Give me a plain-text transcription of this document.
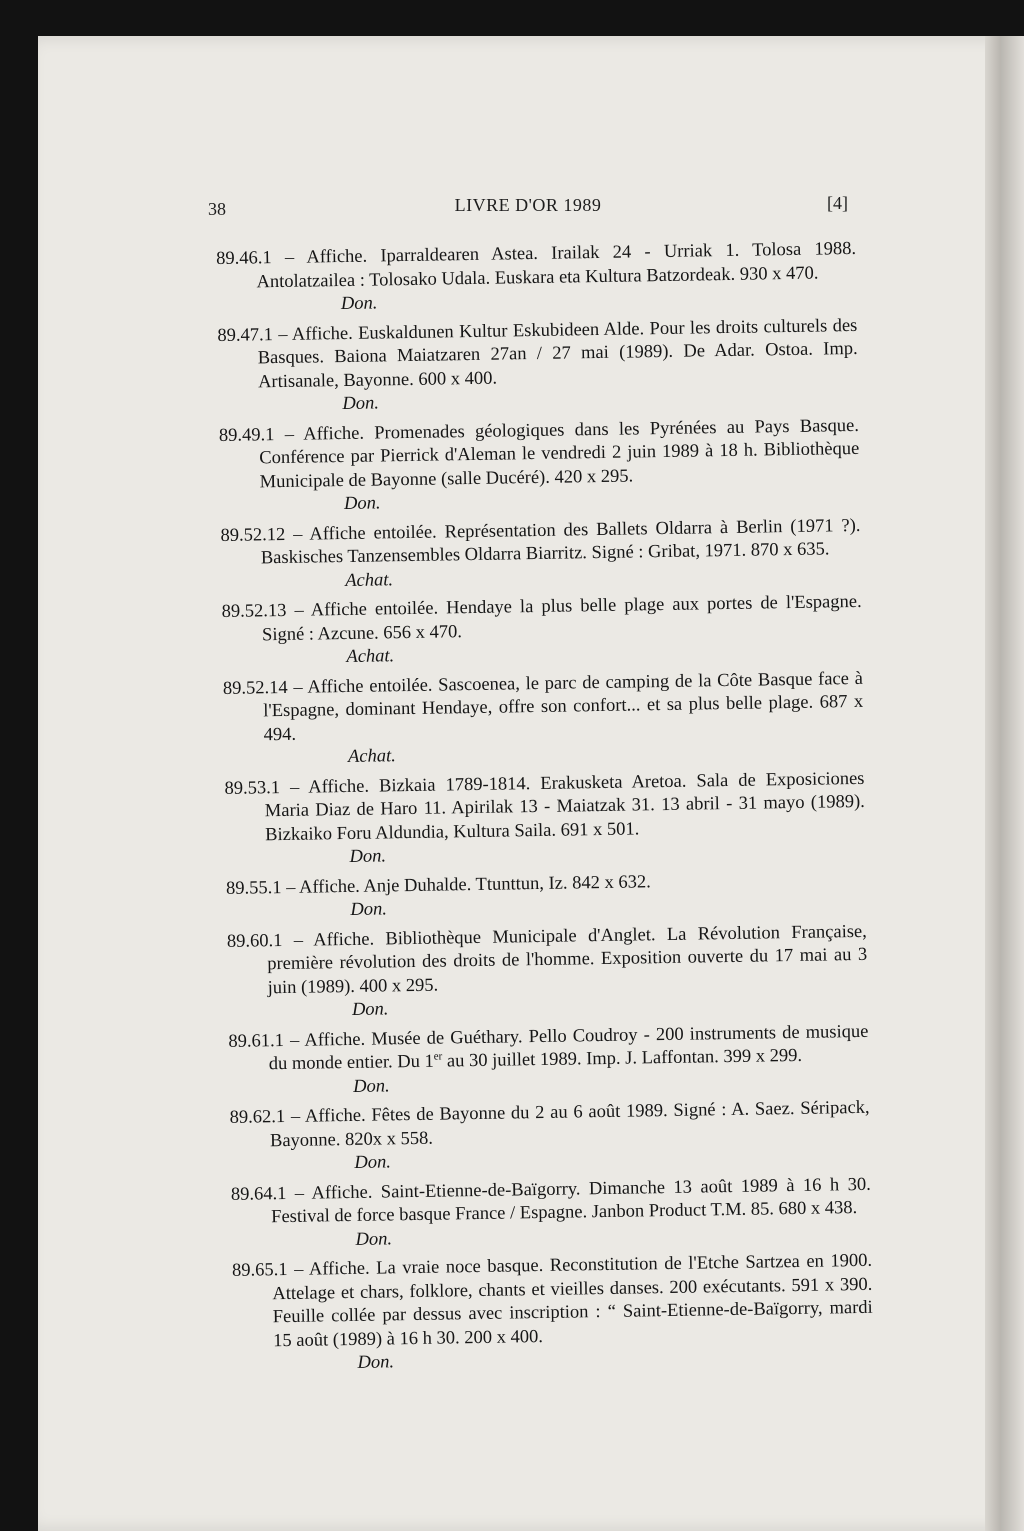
38	LIVRE D'OR 1989	[4]
89.46.1 – Affiche. Iparraldearen Astea. Irailak 24 - Urriak 1. Tolosa 1988. Antolatzailea : Tolosako Udala. Euskara eta Kultura Batzordeak. 930 x 470.
Don.
89.47.1 – Affiche. Euskaldunen Kultur Eskubideen Alde. Pour les droits culturels des Basques. Baiona Maiatzaren 27an / 27 mai (1989). De Adar. Ostoa. Imp. Artisanale, Bayonne. 600 x 400.
Don.
89.49.1 – Affiche. Promenades géologiques dans les Pyrénées au Pays Basque. Conférence par Pierrick d'Aleman le vendredi 2 juin 1989 à 18 h. Bibliothèque Municipale de Bayonne (salle Ducéré). 420 x 295.
Don.
89.52.12 – Affiche entoilée. Représentation des Ballets Oldarra à Berlin (1971 ?). Baskisches Tanzensembles Oldarra Biarritz. Signé : Gribat, 1971. 870 x 635.
Achat.
89.52.13 – Affiche entoilée. Hendaye la plus belle plage aux portes de l'Espagne. Signé : Azcune. 656 x 470.
Achat.
89.52.14 – Affiche entoilée. Sascoenea, le parc de camping de la Côte Basque face à l'Espagne, dominant Hendaye, offre son confort... et sa plus belle plage. 687 x 494.
Achat.
89.53.1 – Affiche. Bizkaia 1789-1814. Erakusketa Aretoa. Sala de Exposiciones Maria Diaz de Haro 11. Apirilak 13 - Maiatzak 31. 13 abril - 31 mayo (1989). Bizkaiko Foru Aldundia, Kultura Saila. 691 x 501.
Don.
89.55.1 – Affiche. Anje Duhalde. Ttunttun, Iz. 842 x 632.
Don.
89.60.1 – Affiche. Bibliothèque Municipale d'Anglet. La Révolution Française, première révolution des droits de l'homme. Exposition ouverte du 17 mai au 3 juin (1989). 400 x 295.
Don.
89.61.1 – Affiche. Musée de Guéthary. Pello Coudroy - 200 instruments de musique du monde entier. Du 1er au 30 juillet 1989. Imp. J. Laffontan. 399 x 299.
Don.
89.62.1 – Affiche. Fêtes de Bayonne du 2 au 6 août 1989. Signé : A. Saez. Séripack, Bayonne. 820x x 558.
Don.
89.64.1 – Affiche. Saint-Etienne-de-Baïgorry. Dimanche 13 août 1989 à 16 h 30. Festival de force basque France / Espagne. Janbon Product T.M. 85. 680 x 438.
Don.
89.65.1 – Affiche. La vraie noce basque. Reconstitution de l'Etche Sartzea en 1900. Attelage et chars, folklore, chants et vieilles danses. 200 exécutants. 591 x 390. Feuille collée par dessus avec inscription : “ Saint-Etienne-de-Baïgorry, mardi 15 août (1989) à 16 h 30. 200 x 400.
Don.
